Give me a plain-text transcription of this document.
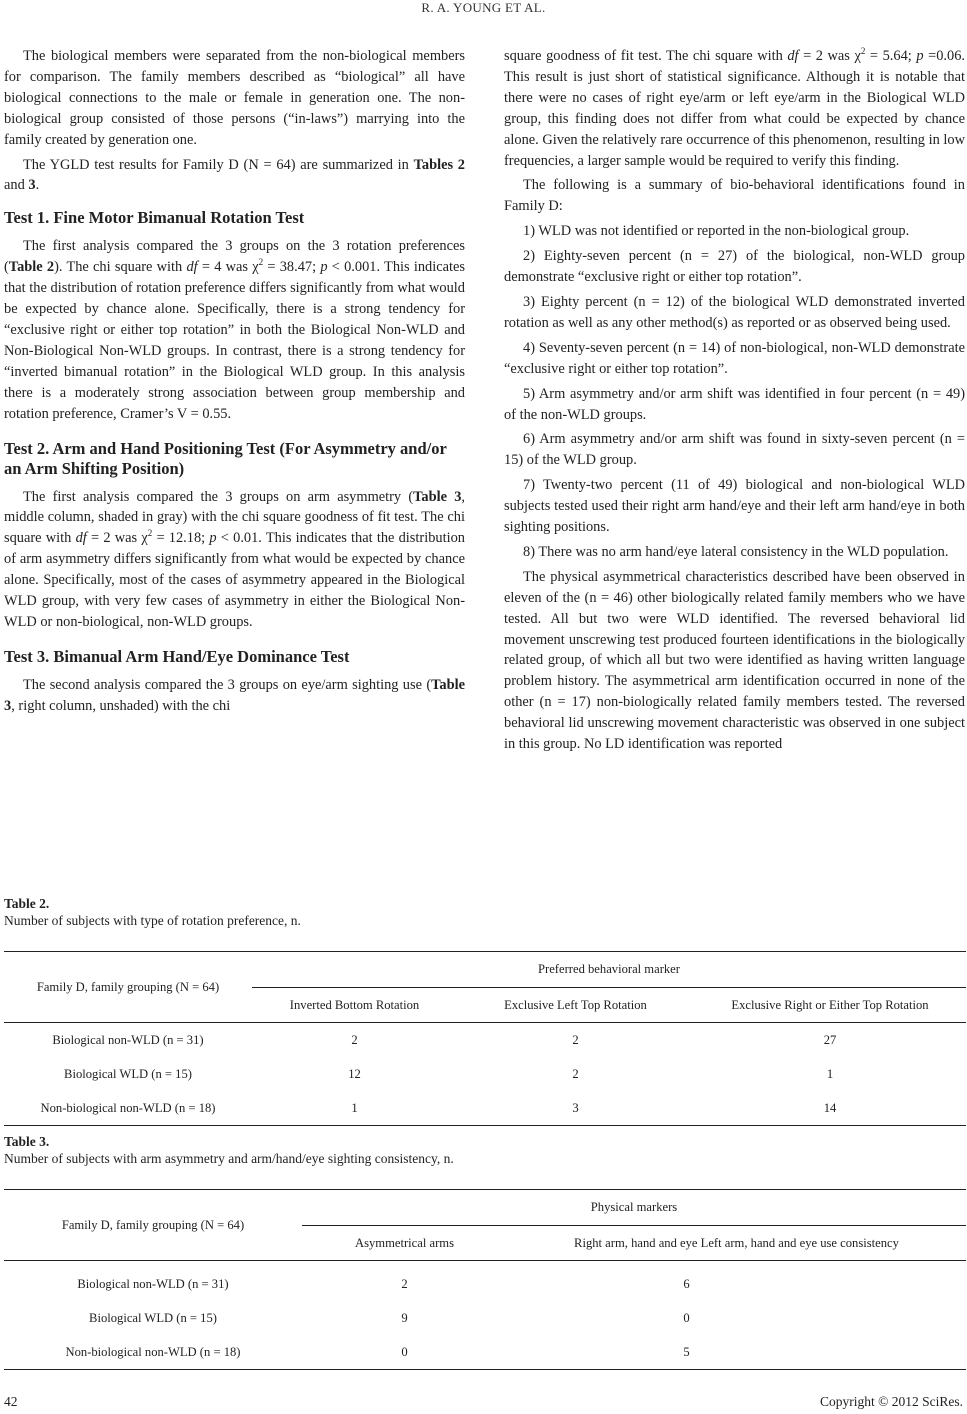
R. A. YOUNG ET AL.

The biological members were separated from the non-biological members for comparison. The family members described as “biological” all have biological connections to the male or female in generation one. The non-biological group consisted of those persons (“in-laws”) marrying into the family created by generation one.

The YGLD test results for Family D (N = 64) are summarized in Tables 2 and 3.

Test 1. Fine Motor Bimanual Rotation Test

The first analysis compared the 3 groups on the 3 rotation preferences (Table 2). The chi square with df = 4 was $\chi^2 = 38.47$; p < 0.001. This indicates that the distribution of rotation preference differs significantly from what would be expected by chance alone. Specifically, there is a strong tendency for “exclusive right or either top rotation” in both the Biological Non-WLD and Non-Biological Non-WLD groups. In contrast, there is a strong tendency for “inverted bimanual rotation” in the Biological WLD group. In this analysis there is a moderately strong association between group membership and rotation preference, Cramer’s V = 0.55.

Test 2. Arm and Hand Positioning Test (For Asymmetry and/or an Arm Shifting Position)

The first analysis compared the 3 groups on arm asymmetry (Table 3, middle column, shaded in gray) with the chi square goodness of fit test. The chi square with df = 2 was $\chi^2 = 12.18$; p < 0.01. This indicates that the distribution of arm asymmetry differs significantly from what would be expected by chance alone. Specifically, most of the cases of asymmetry appeared in the Biological WLD group, with very few cases of asymmetry in either the Biological Non-WLD or non-biological, non-WLD groups.

Test 3. Bimanual Arm Hand/Eye Dominance Test

The second analysis compared the 3 groups on eye/arm sighting use (Table 3, right column, unshaded) with the chi

square goodness of fit test. The chi square with df = 2 was $\chi^2 = 5.64$; p =0.06. This result is just short of statistical significance. Although it is notable that there were no cases of right eye/arm or left eye/arm in the Biological WLD group, this finding does not differ from what could be expected by chance alone. Given the relatively rare occurrence of this phenomenon, resulting in low frequencies, a larger sample would be required to verify this finding.

The following is a summary of bio-behavioral identifications found in Family D:

1) WLD was not identified or reported in the non-biological group.

2) Eighty-seven percent (n = 27) of the biological, non-WLD group demonstrate “exclusive right or either top rotation”.

3) Eighty percent (n = 12) of the biological WLD demonstrated inverted rotation as well as any other method(s) as reported or as observed being used.

4) Seventy-seven percent (n = 14) of non-biological, non-WLD demonstrate “exclusive right or either top rotation”.

5) Arm asymmetry and/or arm shift was identified in four percent (n = 49) of the non-WLD groups.

6) Arm asymmetry and/or arm shift was found in sixty-seven percent (n = 15) of the WLD group.

7) Twenty-two percent (11 of 49) biological and non-biological WLD subjects tested used their right arm hand/eye and their left arm hand/eye in both sighting positions.

8) There was no arm hand/eye lateral consistency in the WLD population.

The physical asymmetrical characteristics described have been observed in eleven of the (n = 46) other biologically related family members who we have tested. All but two were WLD identified. The reversed behavioral lid movement unscrewing test produced fourteen identifications in the biologically related group, of which all but two were identified as having written language problem history. The asymmetrical arm identification occurred in none of the other (n = 17) non-biologically related family members tested. The reversed behavioral lid unscrewing movement characteristic was observed in one subject in this group. No LD identification was reported

Table 2.
Number of subjects with type of rotation preference, n.
Family D, family grouping (N = 64)	Preferred behavioral marker		
	Inverted Bottom Rotation	Exclusive Left Top Rotation	Exclusive Right or Either Top Rotation
Biological non-WLD (n = 31)	2	2	27
Biological WLD (n = 15)	12	2	1
Non-biological non-WLD (n = 18)	1	3	14
Table 3.
Number of subjects with arm asymmetry and arm/hand/eye sighting consistency, n.
Family D, family grouping (N = 64)	Physical markers	
	Asymmetrical arms	Right arm, hand and eye Left arm, hand and eye use consistency
Biological non-WLD (n = 31)	2	6
Biological WLD (n = 15)	9	0
Non-biological non-WLD (n = 18)	0	5
42	Copyright © 2012 SciRes.
